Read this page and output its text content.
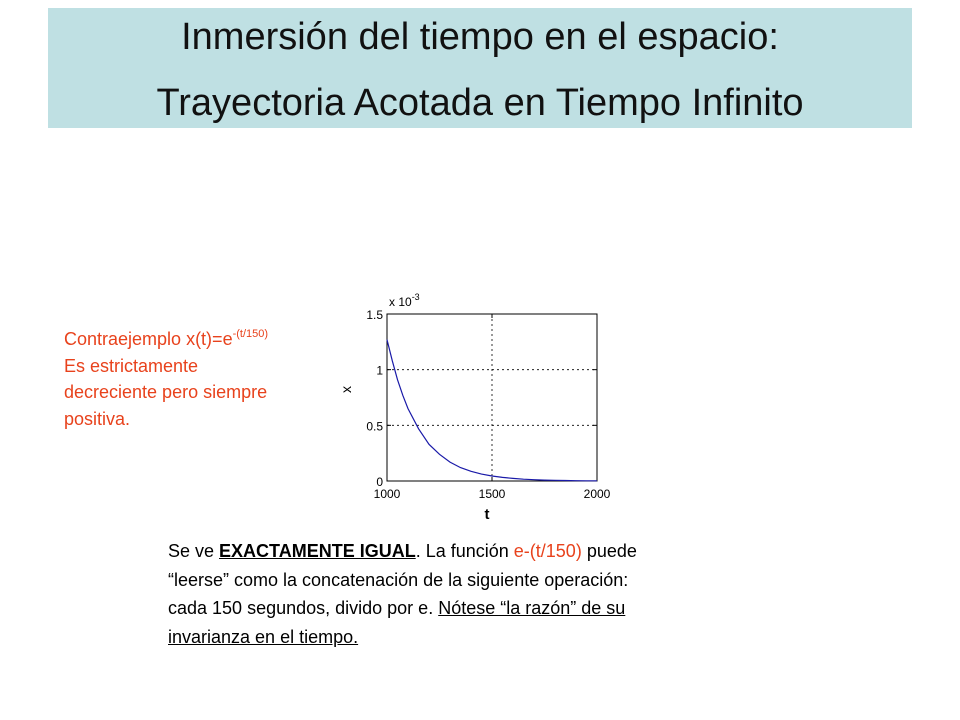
Inmersión del tiempo en el espacio:
Trayectoria Acotada en Tiempo Infinito
Contraejemplo $x(t)=e^{-(t/150)}$
Es estrictamente
decreciente pero siempre
positiva.
1000	1500	2000
0
0.5
1
1.5
x $10^{-3}$
x
t
Se ve EXACTAMENTE IGUAL. La función e-(t/150) puede
“leerse” como la concatenación de la siguiente operación:
cada 150 segundos, divido por e. Nótese “la razón” de su
invarianza en el tiempo.
